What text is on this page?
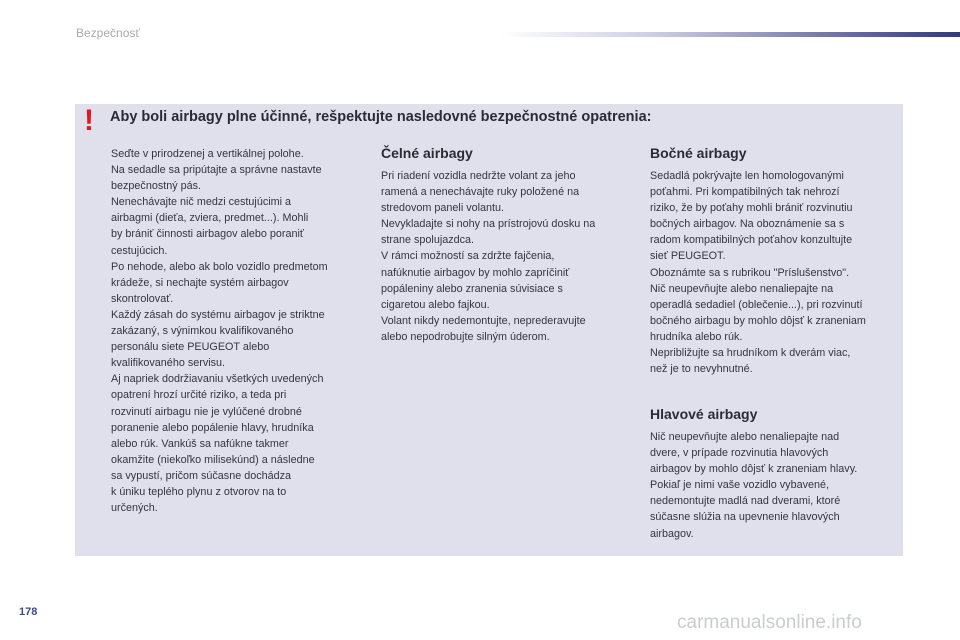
Bezpečnosť
! Aby boli airbagy plne účinné, rešpektujte nasledovné bezpečnostné opatrenia:

Seďte v prirodzenej a vertikálnej polohe.

Na sedadle sa pripútajte a správne nastavte

bezpečnostný pás.

Nenechávajte nič medzi cestujúcimi a

airbagmi (dieťa, zviera, predmet...). Mohli

by brániť činnosti airbagov alebo poraniť

cestujúcich.

Po nehode, alebo ak bolo vozidlo predmetom

krádeže, si nechajte systém airbagov

skontrolovať.

Každý zásah do systému airbagov je striktne

zakázaný, s výnimkou kvalifikovaného

personálu siete PEUGEOT alebo

kvalifikovaného servisu.

Aj napriek dodržiavaniu všetkých uvedených

opatrení hrozí určité riziko, a teda pri

rozvinutí airbagu nie je vylúčené drobné

poranenie alebo popálenie hlavy, hrudníka

alebo rúk. Vankúš sa nafúkne takmer

okamžite (niekoľko milisekúnd) a následne

sa vypustí, pričom súčasne dochádza

k úniku teplého plynu z otvorov na to

určených.

Čelné airbagy

Pri riadení vozidla nedržte volant za jeho

ramená a nenechávajte ruky položené na

stredovom paneli volantu.

Nevykladajte si nohy na prístrojovú dosku na

strane spolujazdca.

V rámci možností sa zdržte fajčenia,

nafúknutie airbagov by mohlo zapríčiniť

popáleniny alebo zranenia súvisiace s

cigaretou alebo fajkou.

Volant nikdy nedemontujte, neprederavujte

alebo nepodrobujte silným úderom.

Bočné airbagy

Sedadlá pokrývajte len homologovanými

poťahmi. Pri kompatibilných tak nehrozí

riziko, že by poťahy mohli brániť rozvinutiu

bočných airbagov. Na oboznámenie sa s

radom kompatibilných poťahov konzultujte

sieť PEUGEOT.

Oboznámte sa s rubrikou "Príslušenstvo".

Nič neupevňujte alebo nenaliepajte na

operadlá sedadiel (oblečenie...), pri rozvinutí

bočného airbagu by mohlo dôjsť k zraneniam

hrudníka alebo rúk.

Nepribližujte sa hrudníkom k dverám viac,

než je to nevyhnutné.

Hlavové airbagy

Nič neupevňujte alebo nenaliepajte nad

dvere, v prípade rozvinutia hlavových

airbagov by mohlo dôjsť k zraneniam hlavy.

Pokiaľ je nimi vaše vozidlo vybavené,

nedemontujte madlá nad dverami, ktoré

súčasne slúžia na upevnenie hlavových

airbagov.

178	carmanualsonline.info
